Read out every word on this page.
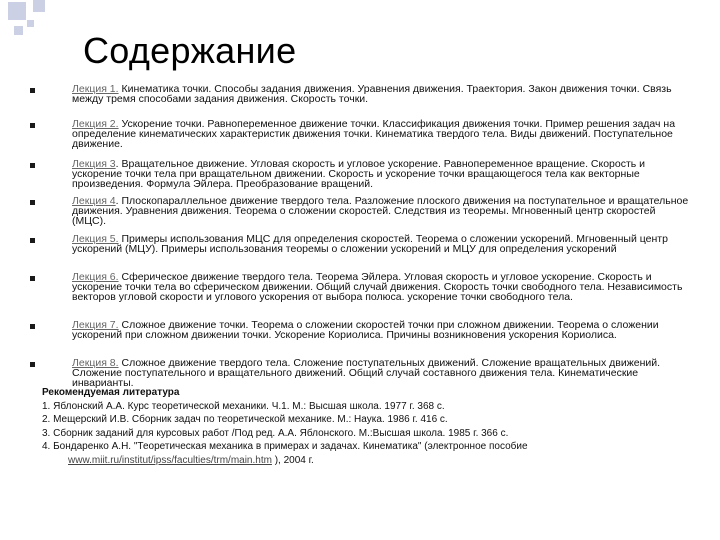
Содержание
Лекция 1. Кинематика точки. Способы задания движения. Уравнения движения. Траектория. Закон движения точки. Связь между тремя способами задания движения. Скорость точки.
Лекция 2. Ускорение точки. Равнопеременное движение точки. Классификация движения точки. Пример решения задач на определение кинематических характеристик движения точки. Кинематика твердого тела. Виды движений. Поступательное движение.
Лекция 3. Вращательное движение. Угловая скорость и угловое ускорение. Равнопеременное вращение. Скорость и ускорение точки тела при вращательном движении. Скорость и ускорение точки вращающегося тела как векторные произведения. Формула Эйлера. Преобразование вращений.
Лекция 4. Плоскопараллельное движение твердого тела. Разложение плоского движения на поступательное и вращательное движения. Уравнения движения. Теорема о сложении скоростей. Следствия из теоремы. Мгновенный центр скоростей (МЦС).
Лекция 5. Примеры использования МЦС для определения скоростей. Теорема о сложении ускорений. Мгновенный центр ускорений (МЦУ). Примеры использования теоремы о сложении ускорений и МЦУ для определения ускорений
Лекция 6. Сферическое движение твердого тела. Теорема Эйлера. Угловая скорость и угловое ускорение. Скорость и ускорение точки тела во сферическом движении. Общий случай движения. Скорость точки свободного тела. Независимость векторов угловой скорости и углового ускорения от выбора полюса. ускорение точки свободного тела.
Лекция 7. Сложное движение точки. Теорема о сложении скоростей точки при сложном движении. Теорема о сложении ускорений при сложном движении точки. Ускорение Кориолиса. Причины возникновения ускорения Кориолиса.
Лекция 8. Сложное движение твердого тела. Сложение поступательных движений. Сложение вращательных движений. Сложение поступательного и вращательного движений. Общий случай составного движения тела. Кинематические инварианты.
Рекомендуемая литература
1. Яблонский А.А. Курс теоретической механики. Ч.1. М.: Высшая школа. 1977 г. 368 с.
2. Мещерский И.В. Сборник задач по теоретической механике. М.: Наука. 1986 г. 416 с.
3. Сборник заданий для курсовых работ /Под ред. А.А. Яблонского. М.:Высшая школа. 1985 г. 366 с.
4. Бондаренко А.Н. "Теоретическая механика в примерах и задачах. Кинематика" (электронное пособие
www.miit.ru/institut/ipss/faculties/trm/main.htm ), 2004 г.
